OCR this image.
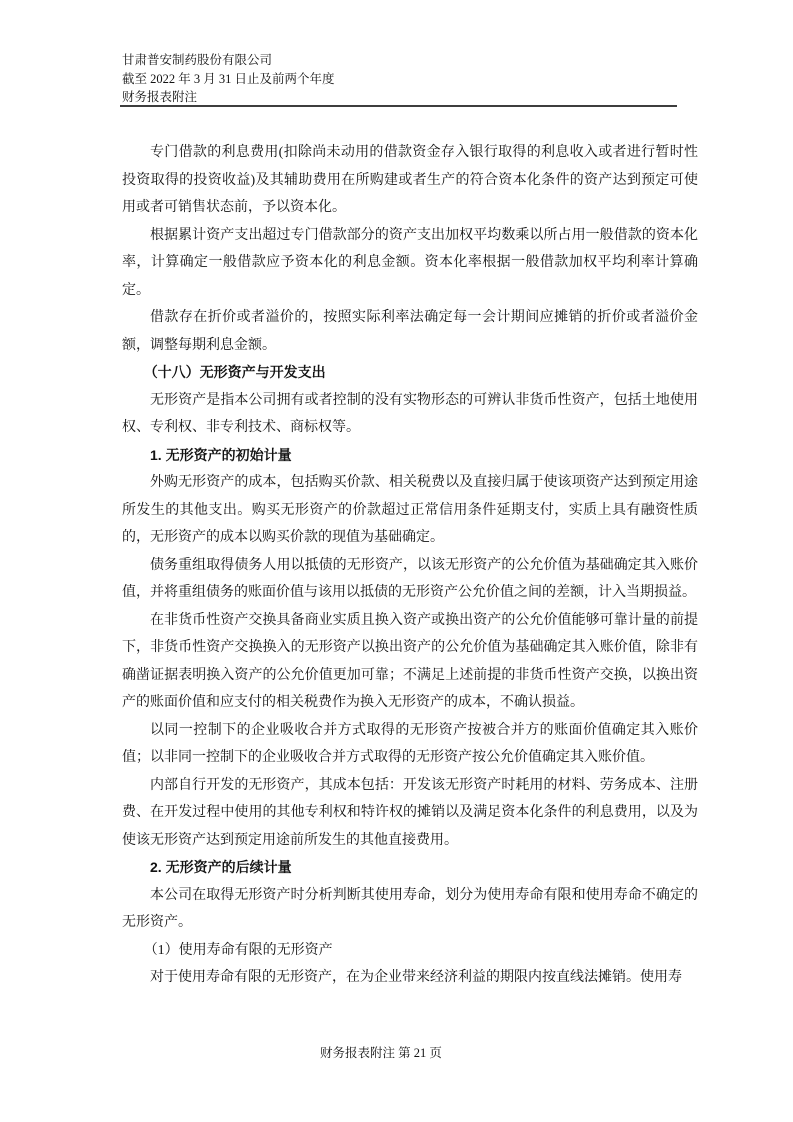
甘肃普安制药股份有限公司
截至 2022 年 3 月 31 日止及前两个年度
财务报表附注

专门借款的利息费用(扣除尚未动用的借款资金存入银行取得的利息收入或者进行暂时性投资取得的投资收益)及其辅助费用在所购建或者生产的符合资本化条件的资产达到预定可使用或者可销售状态前，予以资本化。

根据累计资产支出超过专门借款部分的资产支出加权平均数乘以所占用一般借款的资本化率，计算确定一般借款应予资本化的利息金额。资本化率根据一般借款加权平均利率计算确定。

借款存在折价或者溢价的，按照实际利率法确定每一会计期间应摊销的折价或者溢价金额，调整每期利息金额。

（十八）无形资产与开发支出

无形资产是指本公司拥有或者控制的没有实物形态的可辨认非货币性资产，包括土地使用权、专利权、非专利技术、商标权等。

1. 无形资产的初始计量

外购无形资产的成本，包括购买价款、相关税费以及直接归属于使该项资产达到预定用途所发生的其他支出。购买无形资产的价款超过正常信用条件延期支付，实质上具有融资性质的，无形资产的成本以购买价款的现值为基础确定。

债务重组取得债务人用以抵债的无形资产，以该无形资产的公允价值为基础确定其入账价值，并将重组债务的账面价值与该用以抵债的无形资产公允价值之间的差额，计入当期损益。

在非货币性资产交换具备商业实质且换入资产或换出资产的公允价值能够可靠计量的前提下，非货币性资产交换换入的无形资产以换出资产的公允价值为基础确定其入账价值，除非有确凿证据表明换入资产的公允价值更加可靠；不满足上述前提的非货币性资产交换，以换出资产的账面价值和应支付的相关税费作为换入无形资产的成本，不确认损益。

以同一控制下的企业吸收合并方式取得的无形资产按被合并方的账面价值确定其入账价值；以非同一控制下的企业吸收合并方式取得的无形资产按公允价值确定其入账价值。

内部自行开发的无形资产，其成本包括：开发该无形资产时耗用的材料、劳务成本、注册费、在开发过程中使用的其他专利权和特许权的摊销以及满足资本化条件的利息费用，以及为使该无形资产达到预定用途前所发生的其他直接费用。

2. 无形资产的后续计量

本公司在取得无形资产时分析判断其使用寿命，划分为使用寿命有限和使用寿命不确定的无形资产。

（1）使用寿命有限的无形资产

对于使用寿命有限的无形资产，在为企业带来经济利益的期限内按直线法摊销。使用寿

财务报表附注 第 21 页
